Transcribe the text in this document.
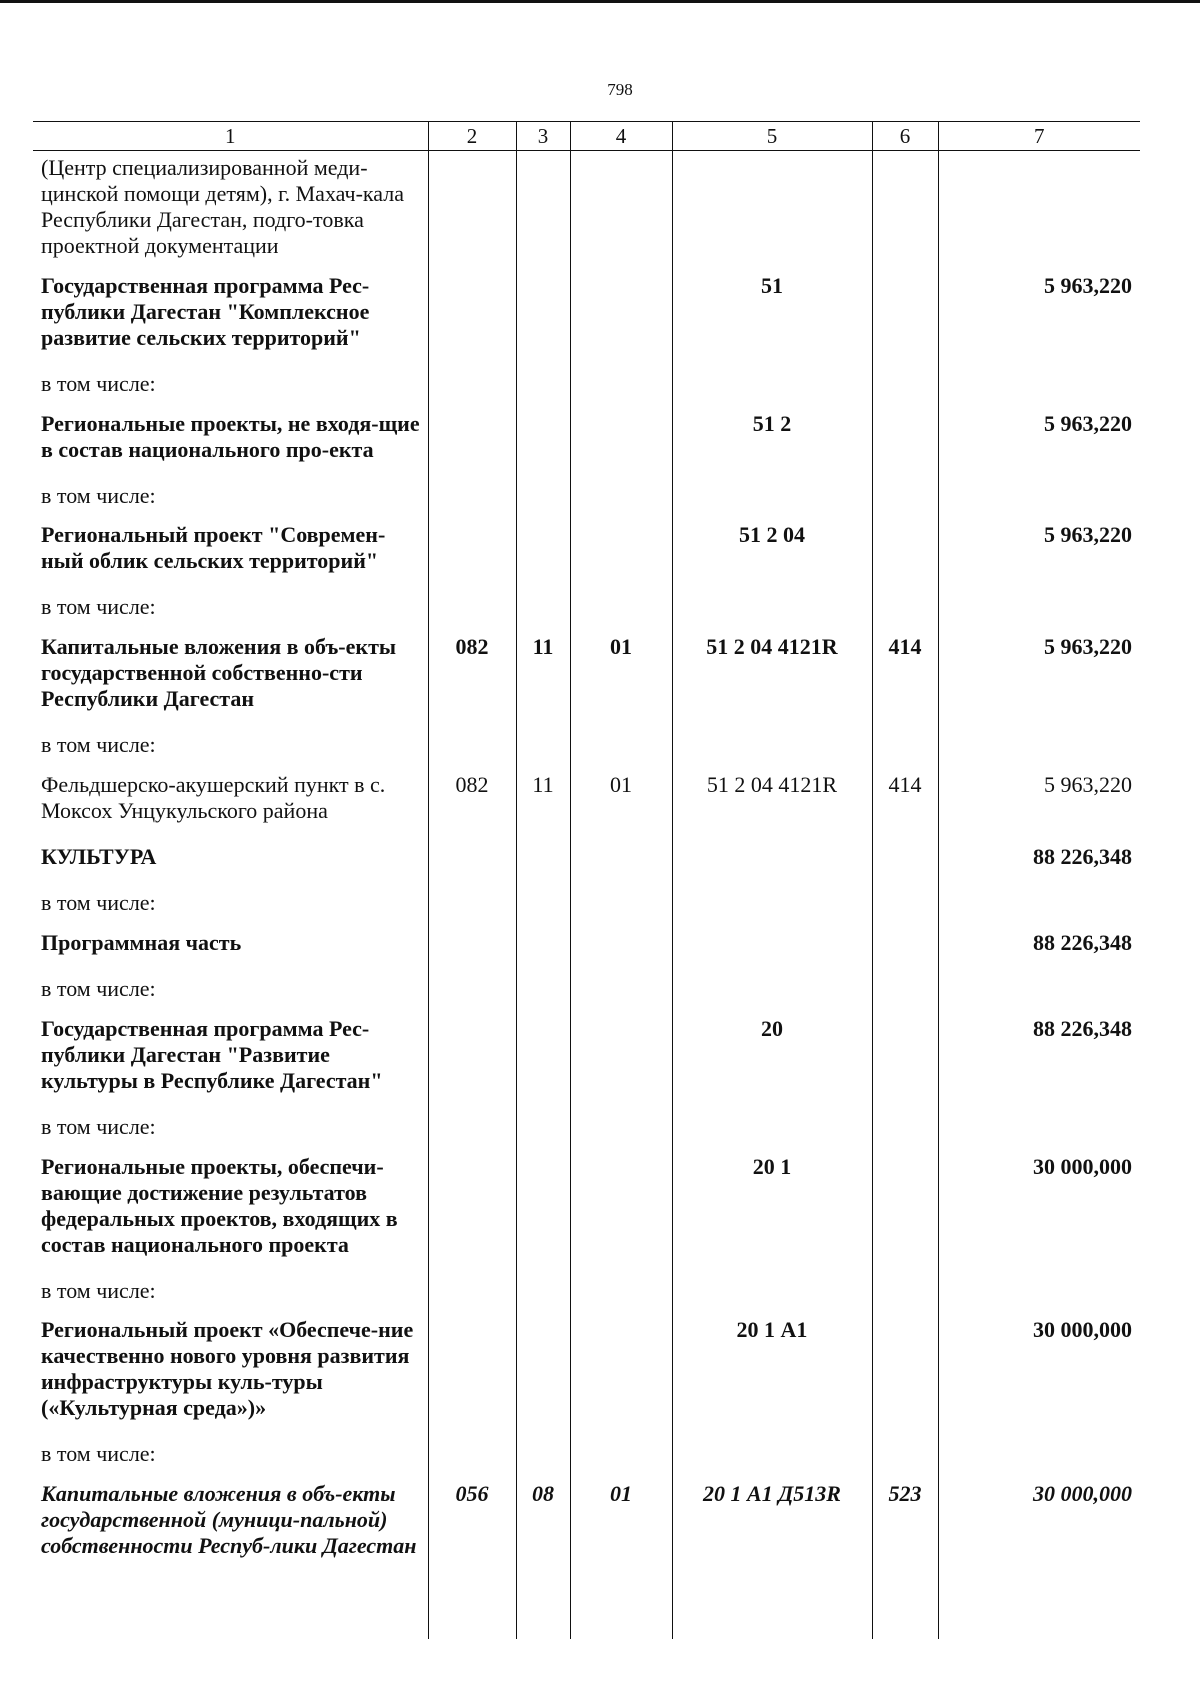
798
1	2	3	4	5	6	7
(Центр специализированной меди-цинской помощи детям), г. Махач-кала Республики Дагестан, подго-товка проектной документации						
Государственная программа Рес-публики Дагестан "Комплексное развитие сельских территорий"				51		5 963,220
в том числе:						
Региональные проекты, не входя-щие в состав национального про-екта				51 2		5 963,220
в том числе:						
Региональный проект "Современ-ный облик сельских территорий"				51 2 04		5 963,220
в том числе:						
Капитальные вложения в объ-екты государственной собственно-сти Республики Дагестан	082	11	01	51 2 04 4121R	414	5 963,220
в том числе:						
Фельдшерско-акушерский пункт в с. Моксох Унцукульского района	082	11	01	51 2 04 4121R	414	5 963,220
КУЛЬТУРА						88 226,348
в том числе:						
Программная часть						88 226,348
в том числе:						
Государственная программа Рес-публики Дагестан "Развитие культуры в Республике Дагестан"				20		88 226,348
в том числе:						
Региональные проекты, обеспечи-вающие достижение результатов федеральных проектов, входящих в состав национального проекта				20 1		30 000,000
в том числе:						
Региональный проект «Обеспече-ние качественно нового уровня развития инфраструктуры куль-туры («Культурная среда»)»				20 1 А1		30 000,000
в том числе:						
Капитальные вложения в объ-екты государственной (муници-пальной) собственности Респуб-лики Дагестан	056	08	01	20 1 А1 Д513R	523	30 000,000
